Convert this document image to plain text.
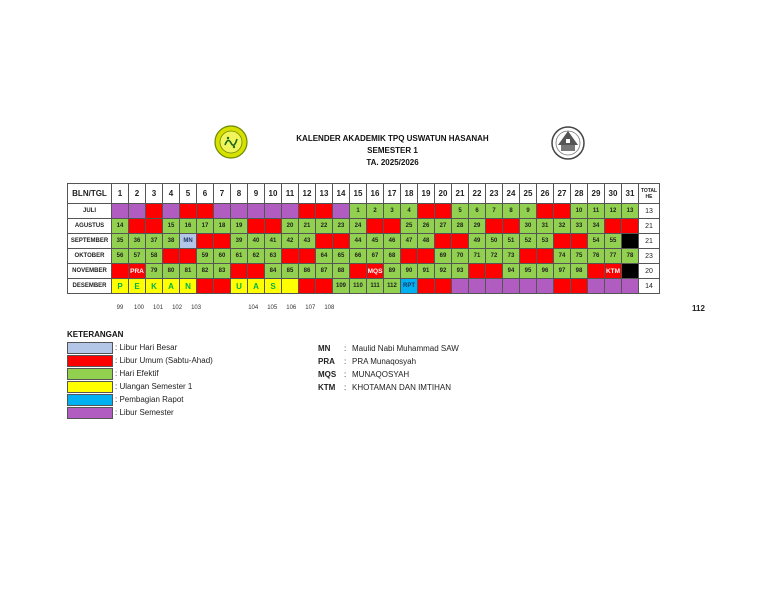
KALENDER AKADEMIK TPQ USWATUN HASANAH
SEMESTER 1
TA. 2025/2026
BLN/TGL	1	2	3	4	5	6	7	8	9	10	11	12	13	14	15	16	17	18	19	20	21	22	23	24	25	26	27	28	29	30	31	TOTAL HE
JULI															1	2	3	4			5	6	7	8	9			10	11	12	13	13
AGUSTUS	14			15	16	17	18	19			20	21	22	23	24			25	26	27	28	29			30	31	32	33	34			21
SEPTEMBER	35	36	37	38	MN			39	40	41	42	43			44	45	46	47	48			49	50	51	52	53			54	55		21
OKTOBER	56	57	58			59	60	61	62	63			64	65	66	67	68			69	70	71	72	73			74	75	76	77	78	23
NOVEMBER		PRA	79	80	81	82	83			84	85	86	87	88		MQS	89	90	91	92	93			94	95	96	97	98		KTM		20
DESEMBER	P	E	K	A	N			U	A	S				109	110	111	112	RPT														14
99	100	101	102	103	104	105	106	107	108	112
KETERANGAN
: Libur Hari Besar
: Libur Umum (Sabtu-Ahad)
: Hari Efektif
: Ulangan Semester 1
: Pembagian Rapot
: Libur Semester
MN	: Maulid Nabi Muhammad SAW
PRA	: PRA Munaqosyah
MQS : MUNAQOSYAH
KTM	: KHOTAMAN DAN IMTIHAN
